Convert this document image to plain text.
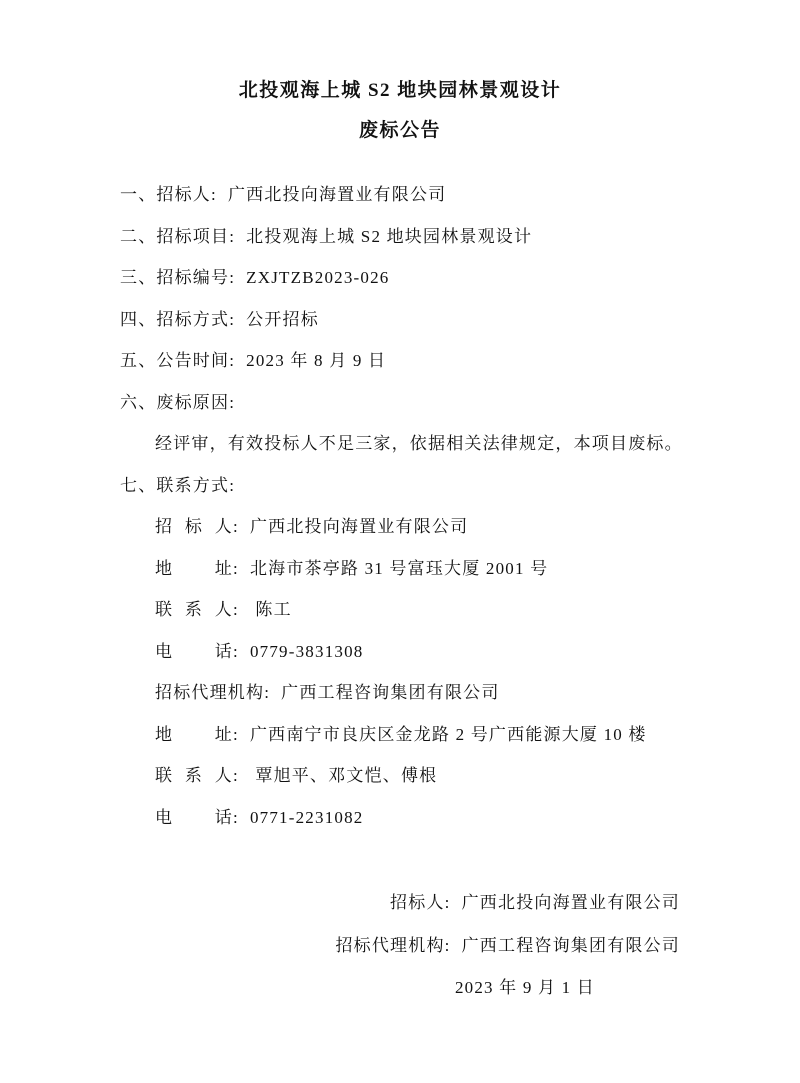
北投观海上城 S2 地块园林景观设计
废标公告

一、招标人: 广西北投向海置业有限公司

二、招标项目: 北投观海上城 S2 地块园林景观设计

三、招标编号: ZXJTZB2023-026

四、招标方式: 公开招标

五、公告时间: 2023 年 8 月 9 日

六、废标原因:

经评审，有效投标人不足三家，依据相关法律规定，本项目废标。

七、联系方式:

招 标 人: 广西北投向海置业有限公司

地 址: 北海市茶亭路 31 号富珏大厦 2001 号

联 系 人: 陈工

电 话: 0779-3831308

招标代理机构: 广西工程咨询集团有限公司

地 址: 广西南宁市良庆区金龙路 2 号广西能源大厦 10 楼

联 系 人: 覃旭平、邓文恺、傅根

电 话: 0771-2231082

招标人: 广西北投向海置业有限公司

招标代理机构: 广西工程咨询集团有限公司

2023 年 9 月 1 日
